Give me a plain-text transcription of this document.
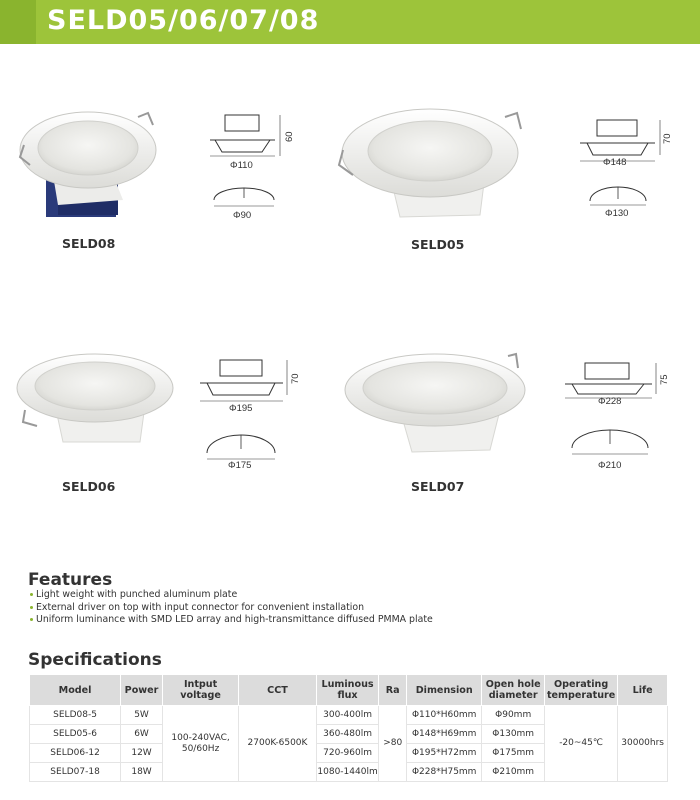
SELD05/06/07/08
60
Φ110
Φ90
SELD08
70
Φ148
Φ130
SELD05
70
Φ195
Φ175
SELD06
75
Φ228
Φ210
SELD07
Features
Light weight with punched aluminum plate
External driver on top with input connector for convenient installation
Uniform luminance with SMD LED array and high-transmittance diffused PMMA plate
Specifications
Model	Power	Intput voltage	CCT	Luminous flux	Ra	Dimension	Open hole diameter	Operating temperature	Life
SELD08-5	5W	100-240VAC, 50/60Hz	2700K-6500K	300-400lm	>80	Φ110*H60mm	Φ90mm	-20~45℃	30000hrs
SELD05-6	6W			360-480lm		Φ148*H69mm	Φ130mm		
SELD06-12	12W			720-960lm		Φ195*H72mm	Φ175mm		
SELD07-18	18W			1080-1440lm		Φ228*H75mm	Φ210mm		
